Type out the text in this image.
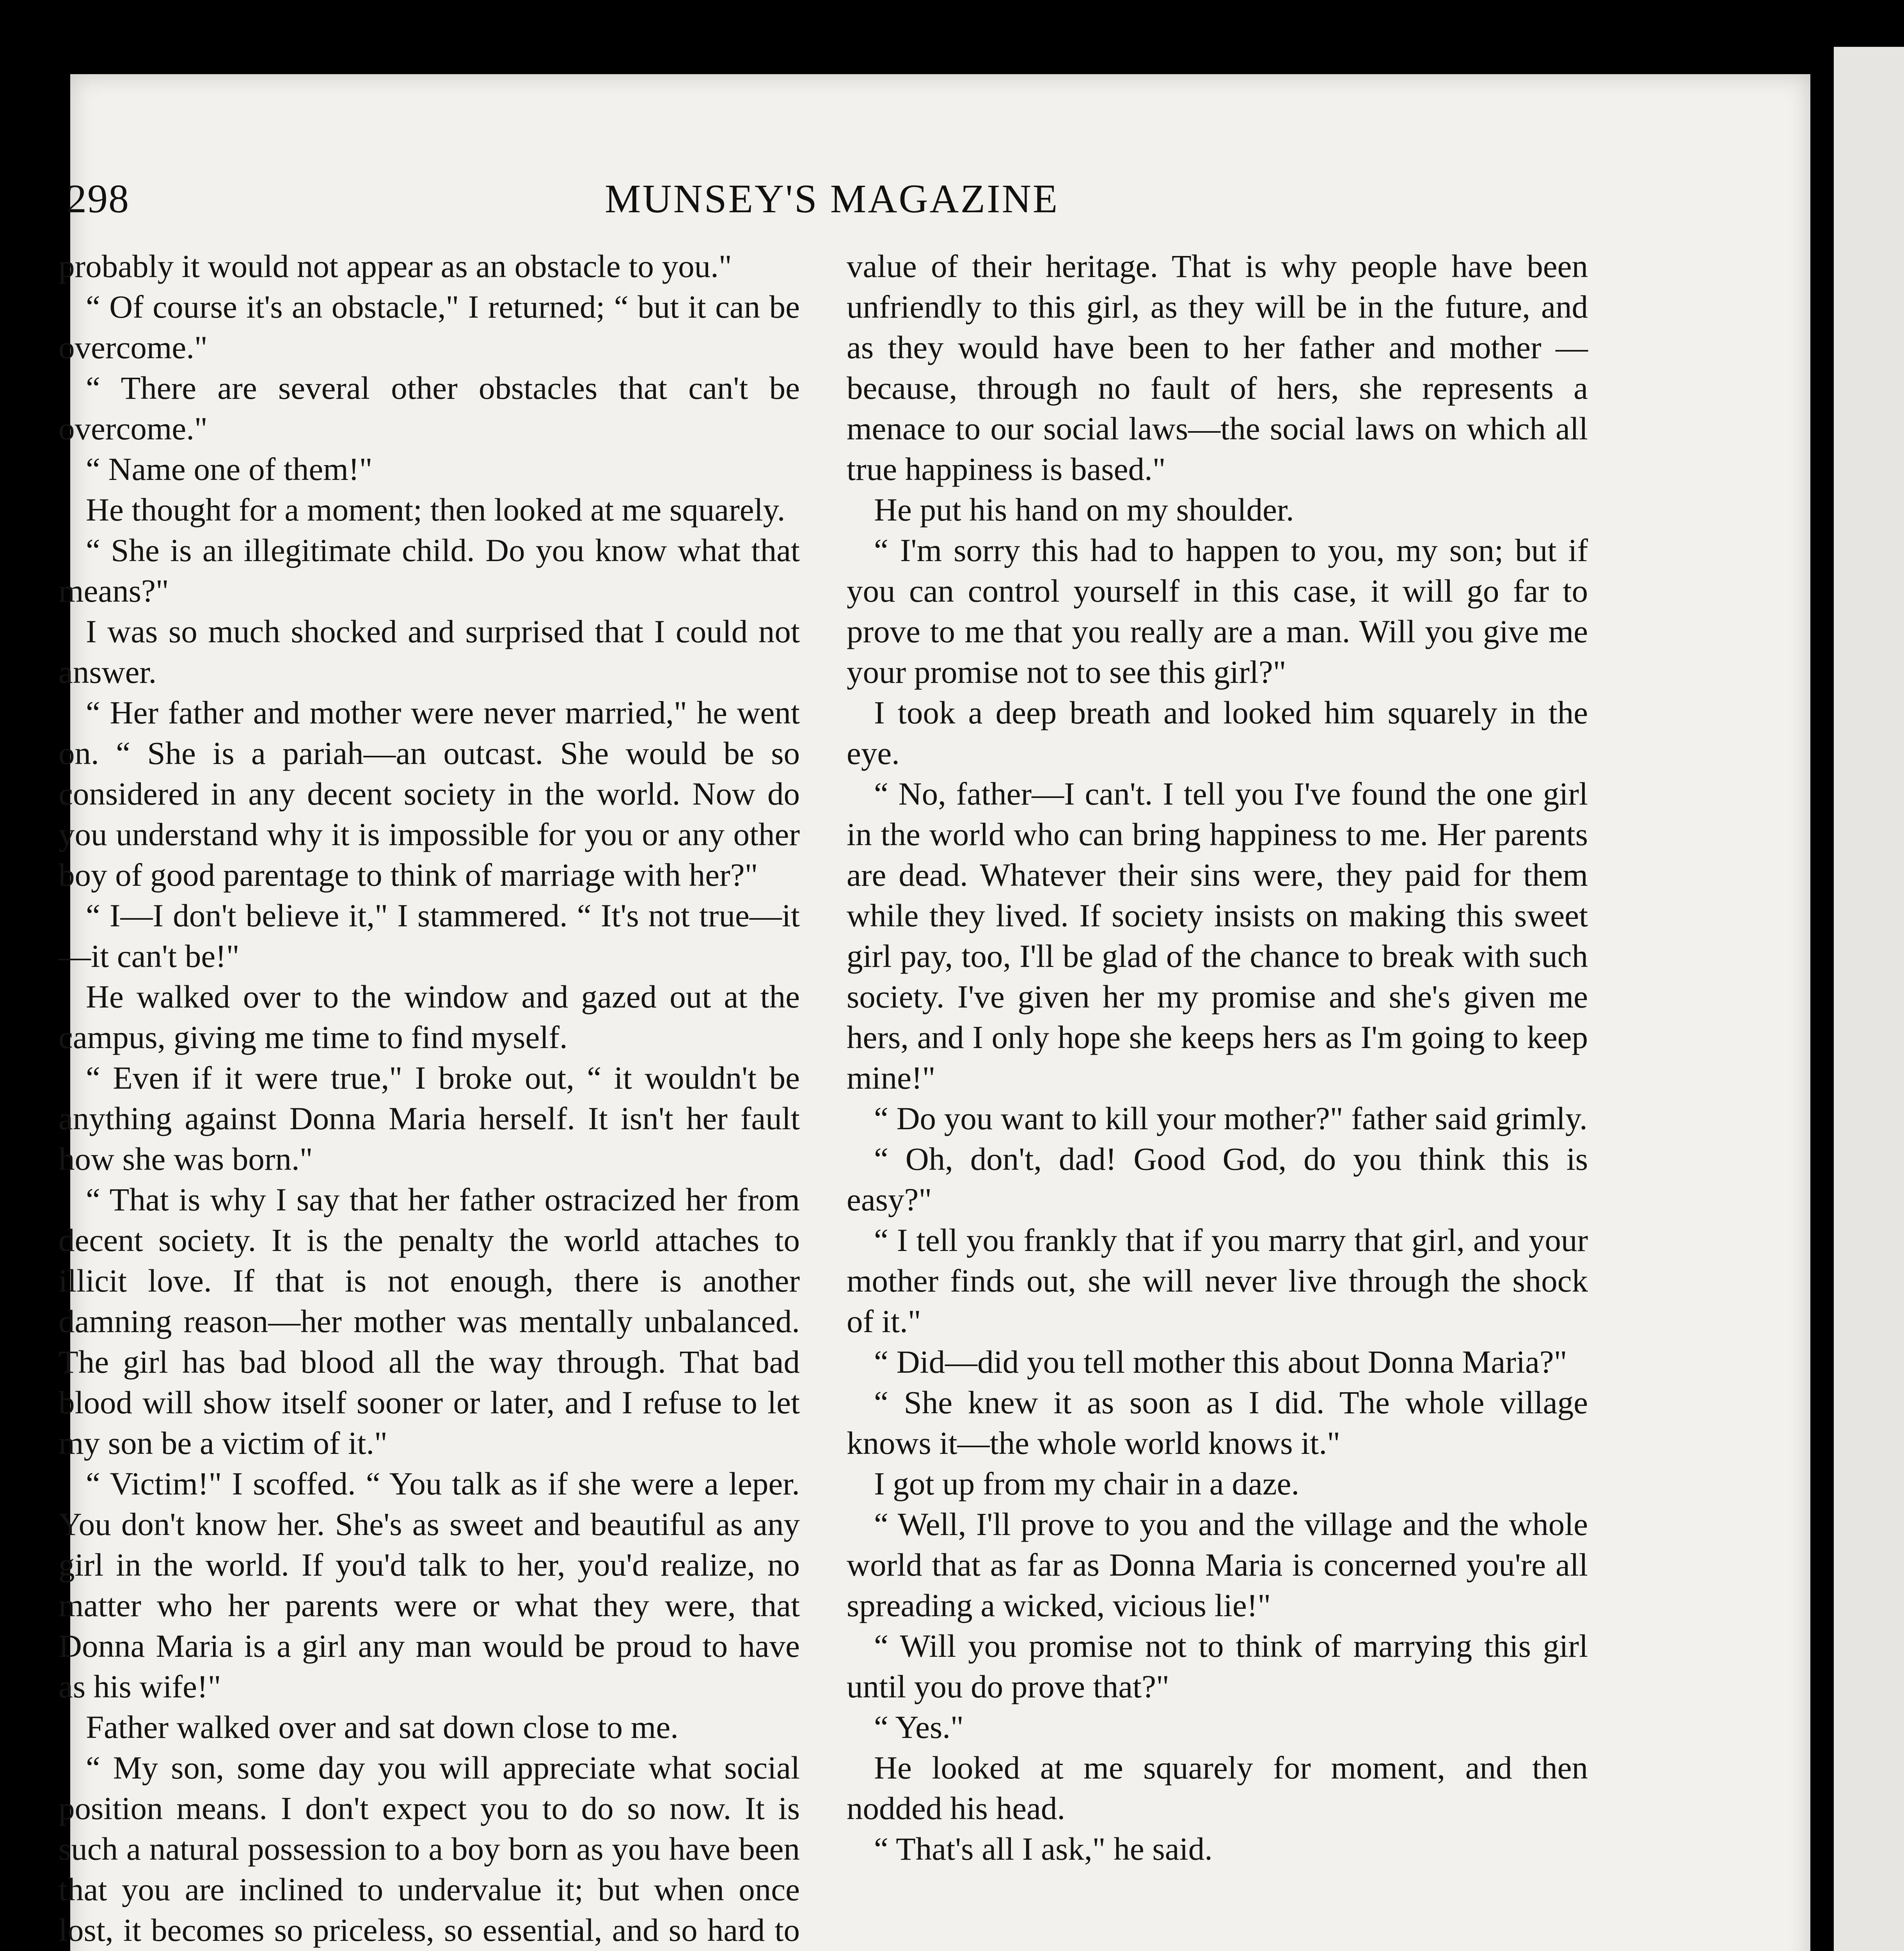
298	MUNSEY'S MAGAZINE

probably it would not appear as an obstacle to you."

“ Of course it's an obstacle," I returned; “ but it can be overcome."

“ There are several other obstacles that can't be overcome."

“ Name one of them!"

He thought for a moment; then looked at me squarely.

“ She is an illegitimate child. Do you know what that means?"

I was so much shocked and surprised that I could not answer.

“ Her father and mother were never married," he went on. “ She is a pariah—an outcast. She would be so considered in any decent society in the world. Now do you understand why it is impossible for you or any other boy of good parentage to think of marriage with her?"

“ I—I don't believe it," I stammered. “ It's not true—it—it can't be!"

He walked over to the window and gazed out at the campus, giving me time to find myself.

“ Even if it were true," I broke out, “ it wouldn't be anything against Donna Maria herself. It isn't her fault how she was born."

“ That is why I say that her father ostracized her from decent society. It is the penalty the world attaches to illicit love. If that is not enough, there is another damning reason—her mother was mentally unbalanced. The girl has bad blood all the way through. That bad blood will show itself sooner or later, and I refuse to let my son be a victim of it."

“ Victim!" I scoffed. “ You talk as if she were a leper. You don't know her. She's as sweet and beautiful as any girl in the world. If you'd talk to her, you'd realize, no matter who her parents were or what they were, that Donna Maria is a girl any man would be proud to have as his wife!"

Father walked over and sat down close to me.

“ My son, some day you will appreciate what social position means. I don't expect you to do so now. It is such a natural possession to a boy born as you have been that you are inclined to undervalue it; but when once lost, it becomes so priceless, so essential, and so hard to

value of their heritage. That is why people have been unfriendly to this girl, as they will be in the future, and as they would have been to her father and mother —because, through no fault of hers, she represents a menace to our social laws—the social laws on which all true happiness is based."

He put his hand on my shoulder.

“ I'm sorry this had to happen to you, my son; but if you can control yourself in this case, it will go far to prove to me that you really are a man. Will you give me your promise not to see this girl?"

I took a deep breath and looked him squarely in the eye.

“ No, father—I can't. I tell you I've found the one girl in the world who can bring happiness to me. Her parents are dead. Whatever their sins were, they paid for them while they lived. If society insists on making this sweet girl pay, too, I'll be glad of the chance to break with such society. I've given her my promise and she's given me hers, and I only hope she keeps hers as I'm going to keep mine!"

“ Do you want to kill your mother?" father said grimly.

“ Oh, don't, dad! Good God, do you think this is easy?"

“ I tell you frankly that if you marry that girl, and your mother finds out, she will never live through the shock of it."

“ Did—did you tell mother this about Donna Maria?"

“ She knew it as soon as I did. The whole village knows it—the whole world knows it."

I got up from my chair in a daze.

“ Well, I'll prove to you and the village and the whole world that as far as Donna Maria is concerned you're all spreading a wicked, vicious lie!"

“ Will you promise not to think of marrying this girl until you do prove that?"

“ Yes."

He looked at me squarely for moment, and then nodded his head.

“ That's all I ask," he said.
